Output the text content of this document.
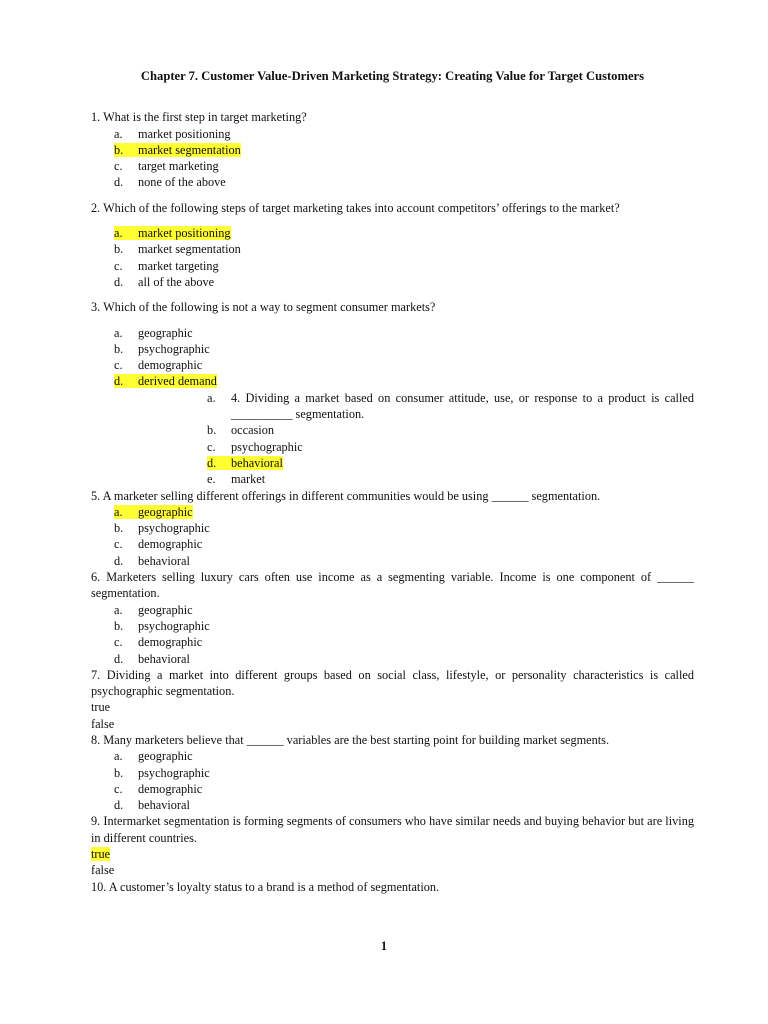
Chapter 7. Customer Value-Driven Marketing Strategy: Creating Value for Target Customers
1. What is the first step in target marketing?
a. market positioning
b. market segmentation
c. target marketing
d. none of the above
2. Which of the following steps of target marketing takes into account competitors’ offerings to the market?
a. market positioning
b. market segmentation
c. market targeting
d. all of the above
3. Which of the following is not a way to segment consumer markets?
a. geographic
b. psychographic
c. demographic
d. derived demand
a.	4. Dividing a market based on consumer attitude, use, or response to a product is called __________ segmentation.
b. occasion
c. psychographic
d. behavioral
e. market
5. A marketer selling different offerings in different communities would be using ______ segmentation.
a. geographic
b. psychographic
c. demographic
d. behavioral
6. Marketers selling luxury cars often use income as a segmenting variable. Income is one component of ______ segmentation.
a. geographic
b. psychographic
c. demographic
d. behavioral
7. Dividing a market into different groups based on social class, lifestyle, or personality characteristics is called psychographic segmentation.
true
false
8. Many marketers believe that ______ variables are the best starting point for building market segments.
a. geographic
b. psychographic
c. demographic
d. behavioral
9. Intermarket segmentation is forming segments of consumers who have similar needs and buying behavior but are living in different countries.
true
false
10. A customer’s loyalty status to a brand is a method of segmentation.
1
